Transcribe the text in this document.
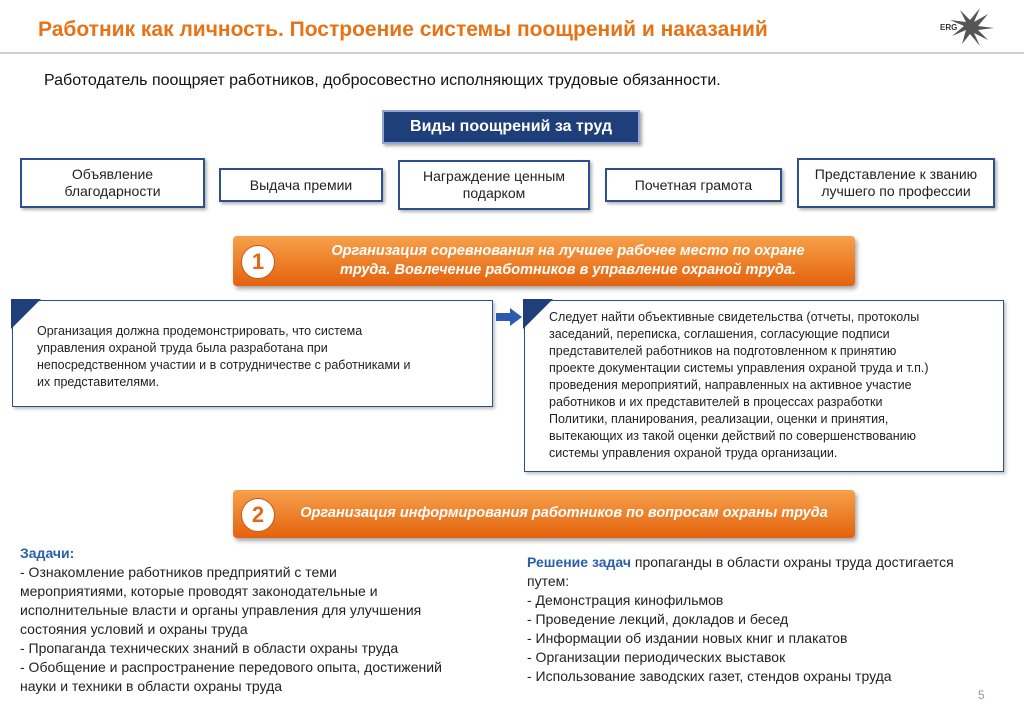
Работник как личность. Построение системы поощрений и наказаний	ERG
Работодатель поощряет работников, добросовестно исполняющих трудовые обязанности.
Виды поощрений за труд
Объявление
благодарности	Выдача премии
Награждение ценным
подарком
Почетная грамота
Представление к званию
лучшего по профессии
1	Организация соревнования на лучшее рабочее место по охране
труда. Вовлечение работников в управление охраной труда.
Организация должна продемонстрировать, что система
управления охраной труда была разработана при
непосредственном участии и в сотрудничестве с работниками и
их представителями.
Следует найти объективные свидетельства (отчеты, протоколы
заседаний, переписка, соглашения, согласующие подписи
представителей работников на подготовленном к принятию
проекте документации системы управления охраной труда и т.п.)
проведения мероприятий, направленных на активное участие
работников и их представителей в процессах разработки
Политики, планирования, реализации, оценки и принятия,
вытекающих из такой оценки действий по совершенствованию
системы управления охраной труда организации.
2	Организация информирования работников по вопросам охраны труда
Задачи:
- Ознакомление работников предприятий с теми
мероприятиями, которые проводят законодательные и
исполнительные власти и органы управления для улучшения
состояния условий и охраны труда
- Пропаганда технических знаний в области охраны труда
- Обобщение и распространение передового опыта, достижений
науки и техники в области охраны труда
Решение задач пропаганды в области охраны труда достигается
путем:
- Демонстрация кинофильмов
- Проведение лекций, докладов и бесед
- Информации об издании новых книг и плакатов
- Организации периодических выставок
- Использование заводских газет, стендов охраны труда
5
